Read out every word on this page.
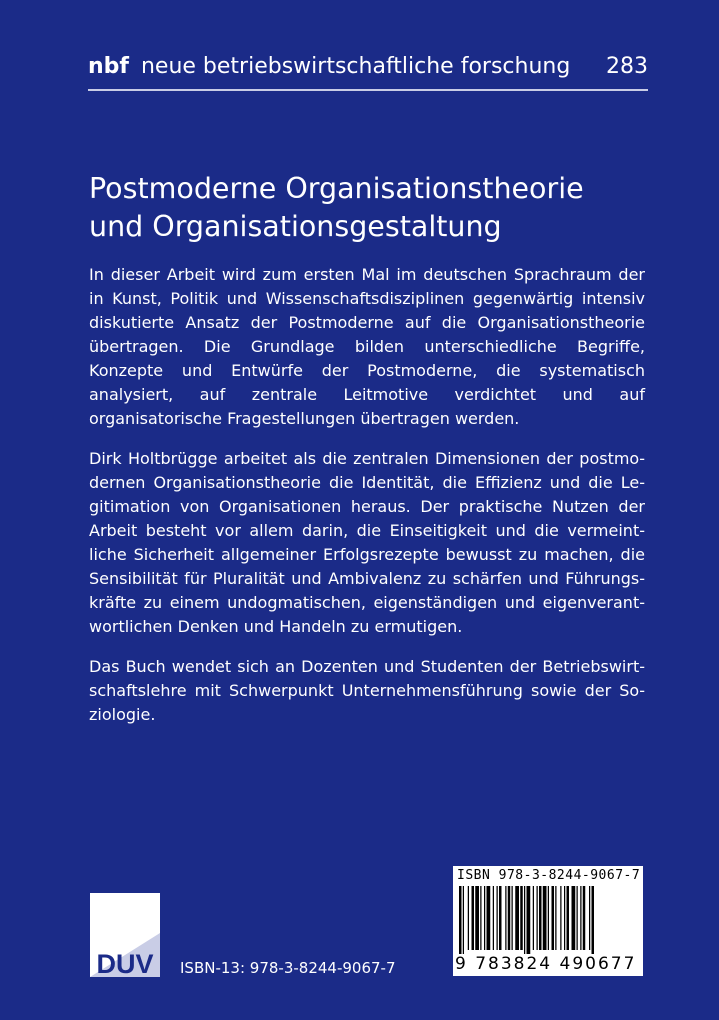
nbf neue betriebswirtschaftliche forschung 283
Postmoderne Organisationstheorie
und Organisationsgestaltung

In dieser Arbeit wird zum ersten Mal im deutschen Sprachraum der in Kunst, Politik und Wissenschaftsdisziplinen gegenwärtig intensiv diskutierte Ansatz der Postmoderne auf die Organisationstheorie übertragen. Die Grundlage bilden unterschiedliche Begriffe, Konzepte und Entwürfe der Postmoderne, die systematisch analysiert, auf zentrale Leitmotive verdichtet und auf organisatorische Fragestellungen übertragen werden.

Dirk Holtbrügge arbeitet als die zentralen Dimensionen der postmodernen Organisationstheorie die Identität, die Effizienz und die Legitimation von Organisationen heraus. Der praktische Nutzen der Arbeit besteht vor allem darin, die Einseitigkeit und die vermeintliche Sicherheit allgemeiner Erfolgsrezepte bewusst zu machen, die Sensibilität für Pluralität und Ambivalenz zu schärfen und Führungskräfte zu einem undogmatischen, eigenständigen und eigenverantwortlichen Denken und Handeln zu ermutigen.

Das Buch wendet sich an Dozenten und Studenten der Betriebswirtschaftslehre mit Schwerpunkt Unternehmensführung sowie der Soziologie.

DUV ISBN-13: 978-3-8244-9067-7
ISBN 978-3-8244-9067-7
9 783824 490677
